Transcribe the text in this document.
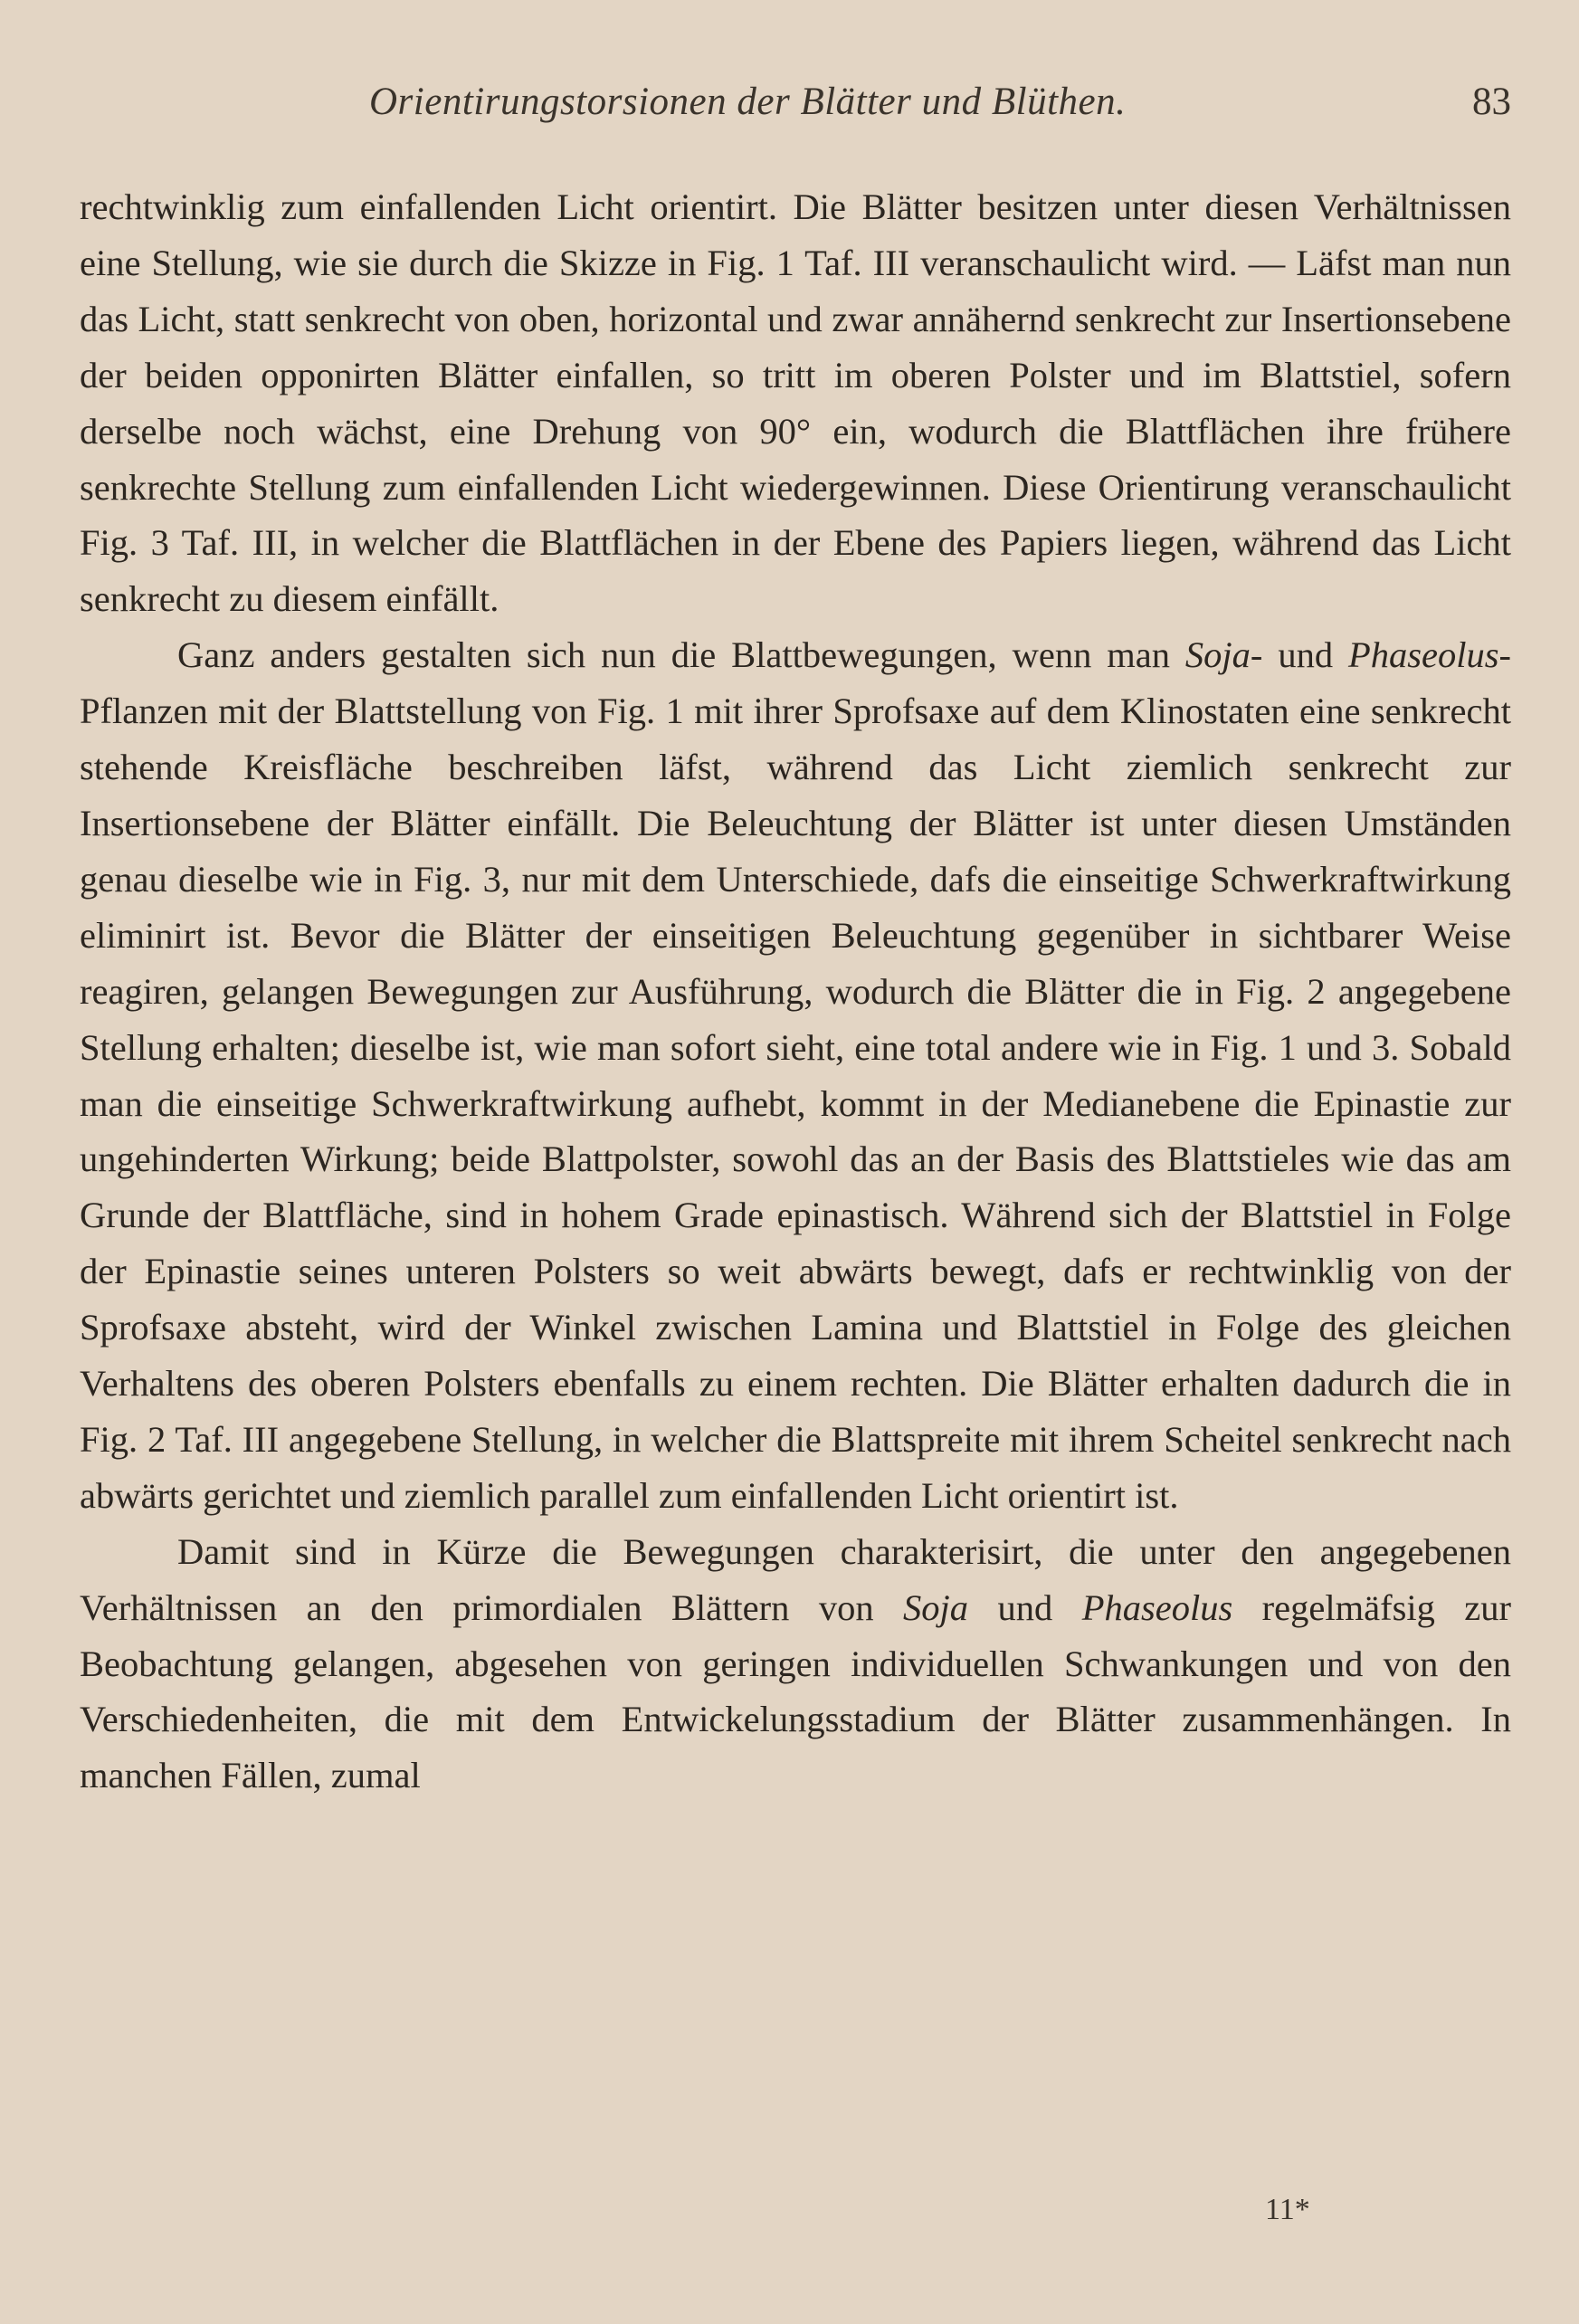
Orientirungstorsionen der Blätter und Blüthen.	83

rechtwinklig zum einfallenden Licht orientirt. Die Blätter besitzen unter diesen Verhältnissen eine Stellung, wie sie durch die Skizze in Fig. 1 Taf. III veranschaulicht wird. — Läfst man nun das Licht, statt senkrecht von oben, horizontal und zwar annähernd senkrecht zur Insertionsebene der beiden opponirten Blätter einfallen, so tritt im oberen Polster und im Blattstiel, sofern derselbe noch wächst, eine Drehung von 90° ein, wodurch die Blattflächen ihre frühere senkrechte Stellung zum einfallenden Licht wiedergewinnen. Diese Orientirung veranschaulicht Fig. 3 Taf. III, in welcher die Blattflächen in der Ebene des Papiers liegen, während das Licht senkrecht zu diesem einfällt.

Ganz anders gestalten sich nun die Blattbewegungen, wenn man Soja- und Phaseolus-Pflanzen mit der Blattstellung von Fig. 1 mit ihrer Sprofsaxe auf dem Klinostaten eine senkrecht stehende Kreisfläche beschreiben läfst, während das Licht ziemlich senkrecht zur Insertionsebene der Blätter einfällt. Die Beleuchtung der Blätter ist unter diesen Umständen genau dieselbe wie in Fig. 3, nur mit dem Unterschiede, dafs die einseitige Schwerkraftwirkung eliminirt ist. Bevor die Blätter der einseitigen Beleuchtung gegenüber in sichtbarer Weise reagiren, gelangen Bewegungen zur Ausführung, wodurch die Blätter die in Fig. 2 angegebene Stellung erhalten; dieselbe ist, wie man sofort sieht, eine total andere wie in Fig. 1 und 3. Sobald man die einseitige Schwerkraftwirkung aufhebt, kommt in der Medianebene die Epinastie zur ungehinderten Wirkung; beide Blattpolster, sowohl das an der Basis des Blattstieles wie das am Grunde der Blattfläche, sind in hohem Grade epinastisch. Während sich der Blattstiel in Folge der Epinastie seines unteren Polsters so weit abwärts bewegt, dafs er rechtwinklig von der Sprofsaxe absteht, wird der Winkel zwischen Lamina und Blattstiel in Folge des gleichen Verhaltens des oberen Polsters ebenfalls zu einem rechten. Die Blätter erhalten dadurch die in Fig. 2 Taf. III angegebene Stellung, in welcher die Blattspreite mit ihrem Scheitel senkrecht nach abwärts gerichtet und ziemlich parallel zum einfallenden Licht orientirt ist.

Damit sind in Kürze die Bewegungen charakterisirt, die unter den angegebenen Verhältnissen an den primordialen Blättern von Soja und Phaseolus regelmäfsig zur Beobachtung gelangen, abgesehen von geringen individuellen Schwankungen und von den Verschiedenheiten, die mit dem Entwickelungsstadium der Blätter zusammenhängen. In manchen Fällen, zumal

11*
